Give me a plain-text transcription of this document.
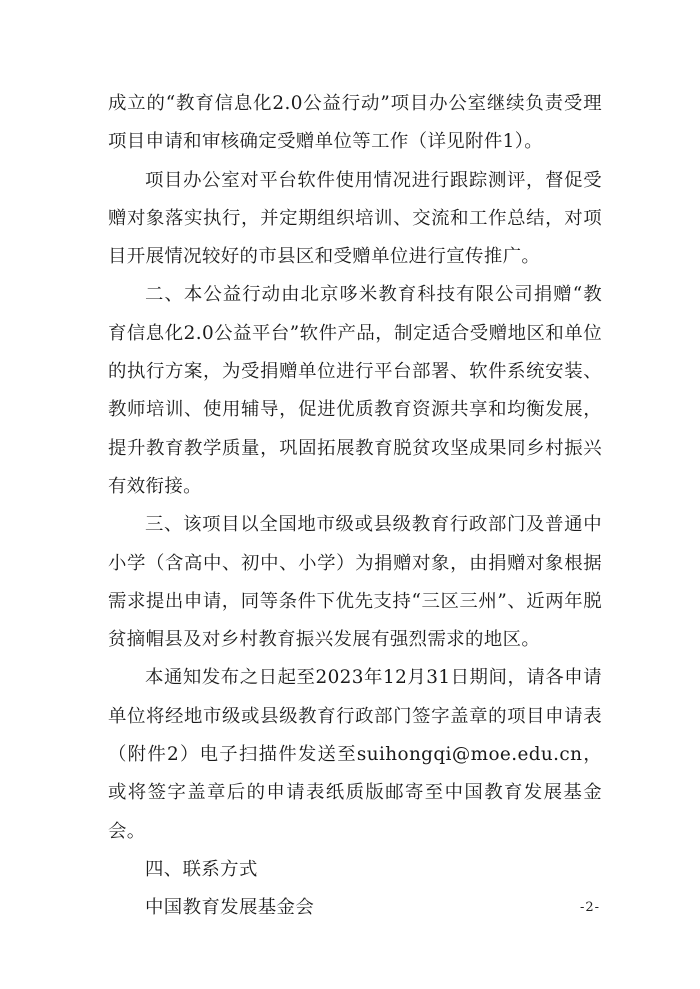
成立的“教育信息化2.0公益行动”项目办公室继续负责受理项目申请和审核确定受赠单位等工作（详见附件1）。

项目办公室对平台软件使用情况进行跟踪测评，督促受赠对象落实执行，并定期组织培训、交流和工作总结，对项目开展情况较好的市县区和受赠单位进行宣传推广。

二、本公益行动由北京哆米教育科技有限公司捐赠“教育信息化2.0公益平台”软件产品，制定适合受赠地区和单位的执行方案，为受捐赠单位进行平台部署、软件系统安装、教师培训、使用辅导，促进优质教育资源共享和均衡发展，提升教育教学质量，巩固拓展教育脱贫攻坚成果同乡村振兴有效衔接。

三、该项目以全国地市级或县级教育行政部门及普通中小学（含高中、初中、小学）为捐赠对象，由捐赠对象根据需求提出申请，同等条件下优先支持“三区三州”、近两年脱贫摘帽县及对乡村教育振兴发展有强烈需求的地区。

本通知发布之日起至2023年12月31日期间，请各申请单位将经地市级或县级教育行政部门签字盖章的项目申请表（附件2）电子扫描件发送至suihongqi@moe.edu.cn，或将签字盖章后的申请表纸质版邮寄至中国教育发展基金会。

四、联系方式

中国教育发展基金会	-2-
